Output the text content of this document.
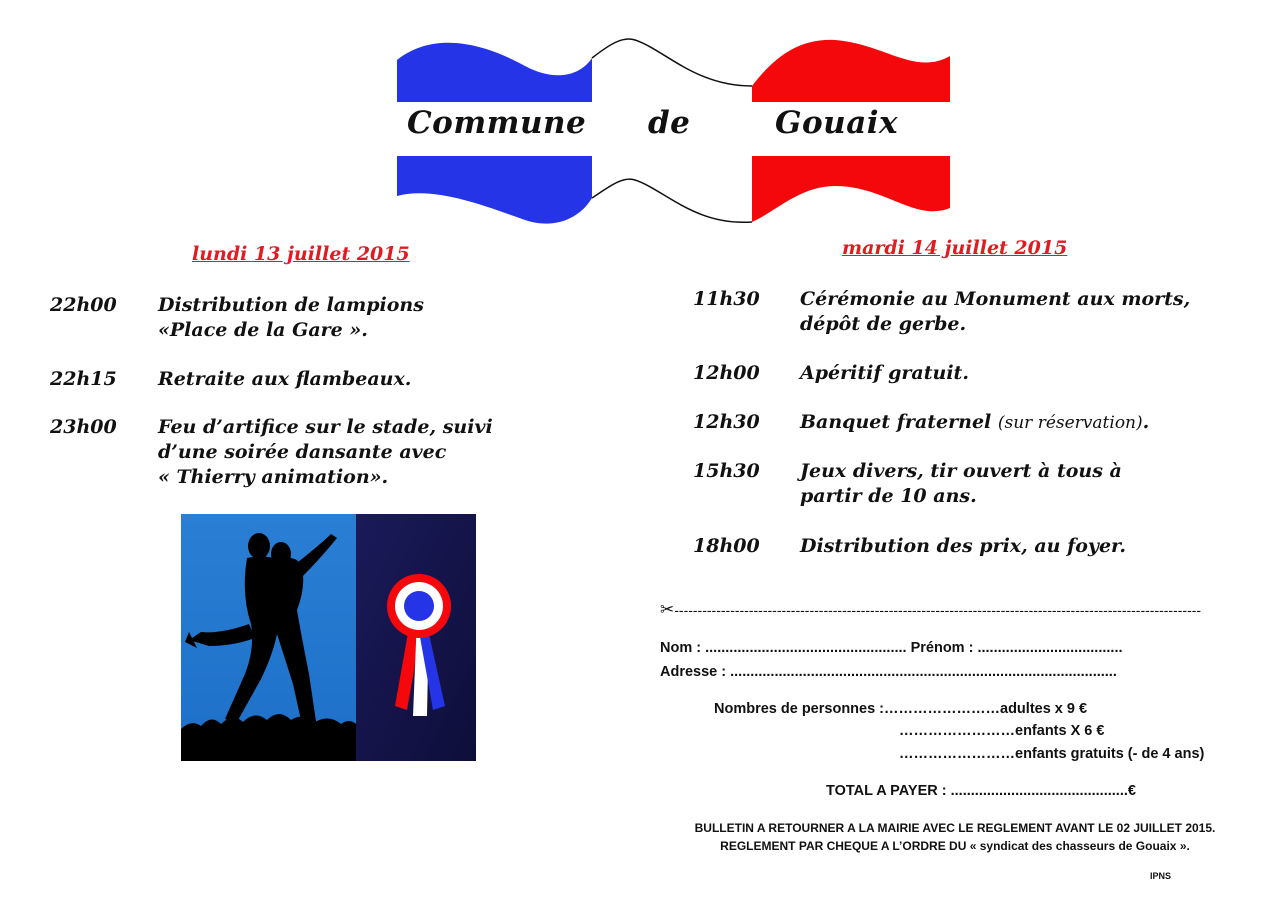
Commune de	Gouaix
lundi 13 juillet 2015
22h00 Distribution de lampions
«Place de la Gare ».
22h15 Retraite aux flambeaux.
23h00 Feu d’artifice sur le stade, suivi
d’une soirée dansante avec
« Thierry animation».
mardi 14 juillet 2015
11h30 Cérémonie au Monument aux morts,
dépôt de gerbe.
12h00 Apéritif gratuit.
12h30 Banquet fraternel (sur réservation).
15h30 Jeux divers, tir ouvert à tous à
partir de 10 ans.
18h00 Distribution des prix, au foyer.
✂-----------------------------------------------------------------------------------------------------------------
Nom : .................................................. Prénom : ....................................
Adresse : ................................................................................................
Nombres de personnes :……………………adultes x 9 €
……………………enfants X 6 €
……………………enfants gratuits (- de 4 ans)
TOTAL A PAYER : ............................................€
BULLETIN A RETOURNER A LA MAIRIE AVEC LE REGLEMENT AVANT LE 02 JUILLET 2015.
REGLEMENT PAR CHEQUE A L’ORDRE DU « syndicat des chasseurs de Gouaix ».
IPNS
